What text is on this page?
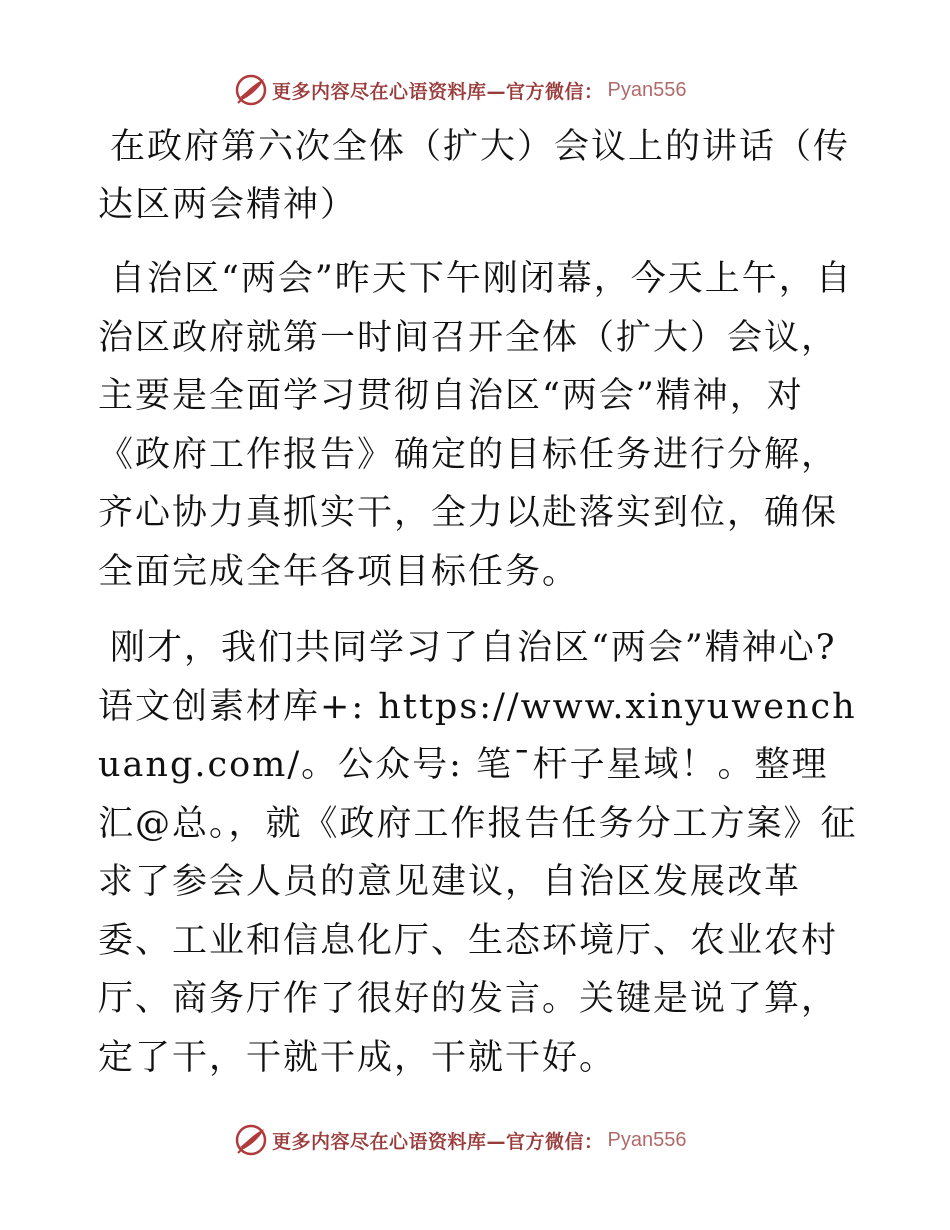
更多内容尽在心语资料库—官方微信： Pyan556
在政府第六次全体（扩大）会议上的讲话（传达区两会精神）

自治区“两会”昨天下午刚闭幕，今天上午，自治区政府就第一时间召开全体（扩大）会议，主要是全面学习贯彻自治区“两会”精神，对《政府工作报告》确定的目标任务进行分解，齐心协力真抓实干，全力以赴落实到位，确保全面完成全年各项目标任务。

刚才，我们共同学习了自治区“两会”精神心?语文创素材库+: https://www.xinyuwenchuang.com/。公众号: 笔¯杆子星域！。整理汇@总。，就《政府工作报告任务分工方案》征求了参会人员的意见建议，自治区发展改革委、工业和信息化厅、生态环境厅、农业农村厅、商务厅作了很好的发言。关键是说了算，定了干，干就干成，干就干好。

更多内容尽在心语资料库—官方微信： Pyan556
